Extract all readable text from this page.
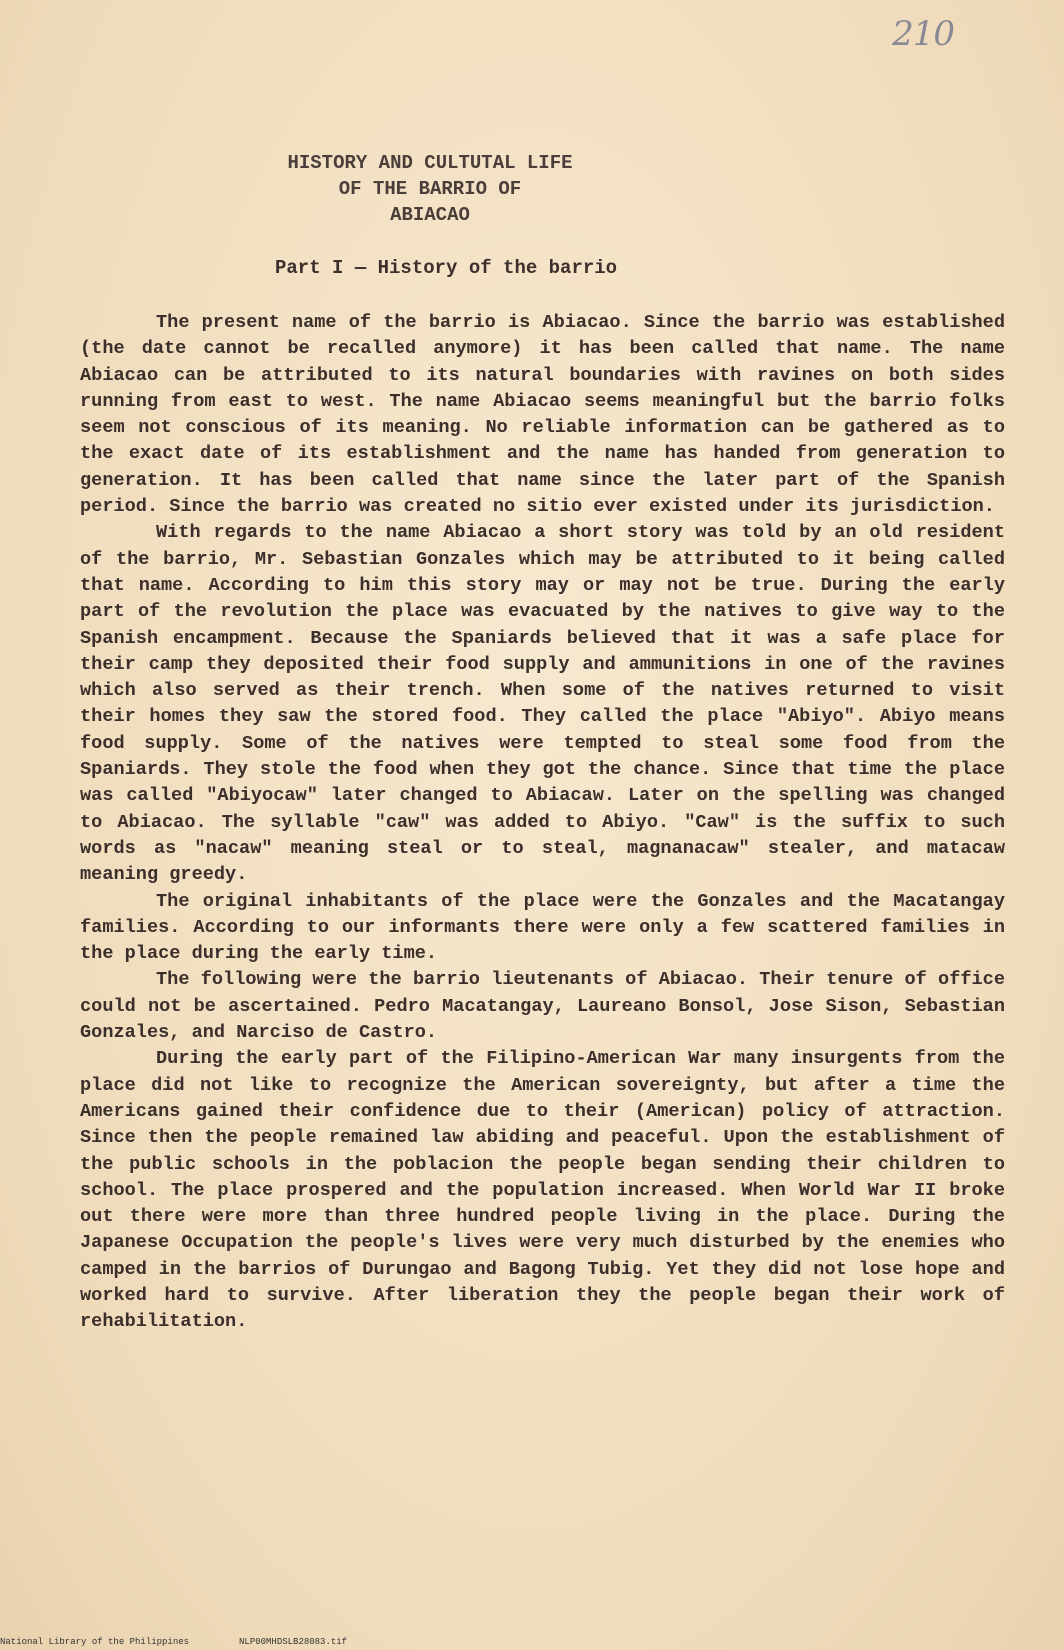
210
HISTORY AND CULTUTAL LIFE
OF THE BARRIO OF
ABIACAO
Part I — History of the barrio

The present name of the barrio is Abiacao. Since the barrio was established (the date cannot be recalled anymore) it has been called that name. The name Abiacao can be attributed to its natural boundaries with ravines on both sides running from east to west. The name Abiacao seems meaningful but the barrio folks seem not conscious of its meaning. No reliable information can be gathered as to the exact date of its establishment and the name has handed from generation to generation. It has been called that name since the later part of the Spanish period. Since the barrio was created no sitio ever existed under its jurisdiction.

With regards to the name Abiacao a short story was told by an old resident of the barrio, Mr. Sebastian Gonzales which may be attributed to it being called that name. According to him this story may or may not be true. During the early part of the revolution the place was evacuated by the natives to give way to the Spanish encampment. Because the Spaniards believed that it was a safe place for their camp they deposited their food supply and ammunitions in one of the ravines which also served as their trench. When some of the natives returned to visit their homes they saw the stored food. They called the place "Abiyo". Abiyo means food supply. Some of the natives were tempted to steal some food from the Spaniards. They stole the food when they got the chance. Since that time the place was called "Abiyocaw" later changed to Abiacaw. Later on the spelling was changed to Abiacao. The syllable "caw" was added to Abiyo. "Caw" is the suffix to such words as "nacaw" meaning steal or to steal, magnanacaw" stealer, and matacaw meaning greedy.

The original inhabitants of the place were the Gonzales and the Macatangay families. According to our informants there were only a few scattered families in the place during the early time.

The following were the barrio lieutenants of Abiacao. Their tenure of office could not be ascertained. Pedro Macatangay, Laureano Bonsol, Jose Sison, Sebastian Gonzales, and Narciso de Castro.

During the early part of the Filipino-American War many insurgents from the place did not like to recognize the American sovereignty, but after a time the Americans gained their confidence due to their (American) policy of attraction. Since then the people remained law abiding and peaceful. Upon the establishment of the public schools in the poblacion the people began sending their children to school. The place prospered and the population increased. When World War II broke out there were more than three hundred people living in the place. During the Japanese Occupation the people's lives were very much disturbed by the enemies who camped in the barrios of Durungao and Bagong Tubig. Yet they did not lose hope and worked hard to survive. After liberation they the people began their work of rehabilitation.

National Library of the Philippines	NLP00MHDSLB28083.tif
